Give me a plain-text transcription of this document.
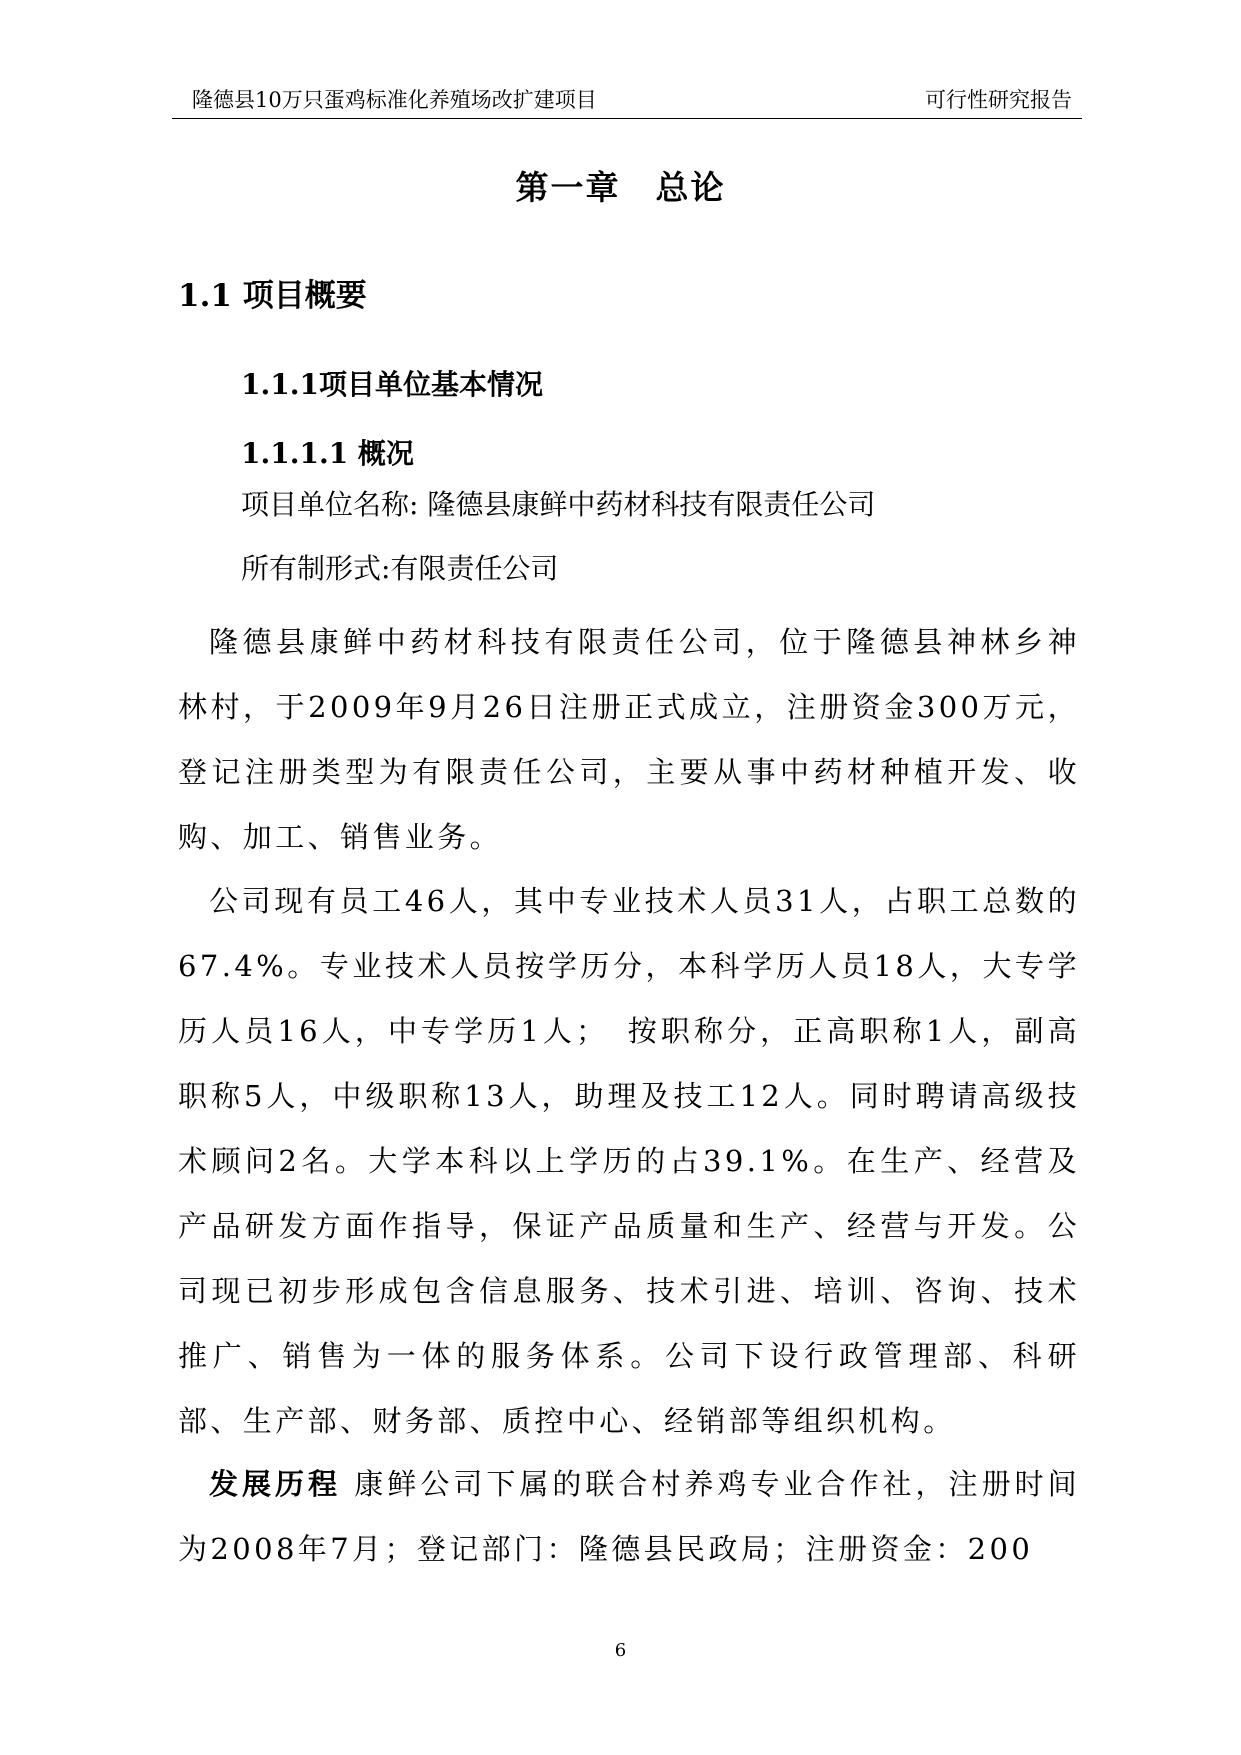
隆德县10万只蛋鸡标准化养殖场改扩建项目	可行性研究报告
第一章　总论
1.1 项目概要
1.1.1项目单位基本情况
1.1.1.1 概况
项目单位名称: 隆德县康鲜中药材科技有限责任公司
所有制形式:有限责任公司
隆德县康鲜中药材科技有限责任公司，位于隆德县神林乡神林村，于2009年9月26日注册正式成立，注册资金300万元，登记注册类型为有限责任公司，主要从事中药材种植开发、收购、加工、销售业务。
公司现有员工46人，其中专业技术人员31人，占职工总数的67.4%。专业技术人员按学历分，本科学历人员18人，大专学历人员16人，中专学历1人；　按职称分，正高职称1人，副高职称5人，中级职称13人，助理及技工12人。同时聘请高级技术顾问2名。大学本科以上学历的占39.1%。在生产、经营及产品研发方面作指导，保证产品质量和生产、经营与开发。公司现已初步形成包含信息服务、技术引进、培训、咨询、技术推广、销售为一体的服务体系。公司下设行政管理部、科研部、生产部、财务部、质控中心、经销部等组织机构。
发展历程 康鲜公司下属的联合村养鸡专业合作社，注册时间为2008年7月；登记部门：隆德县民政局；注册资金：200
6
